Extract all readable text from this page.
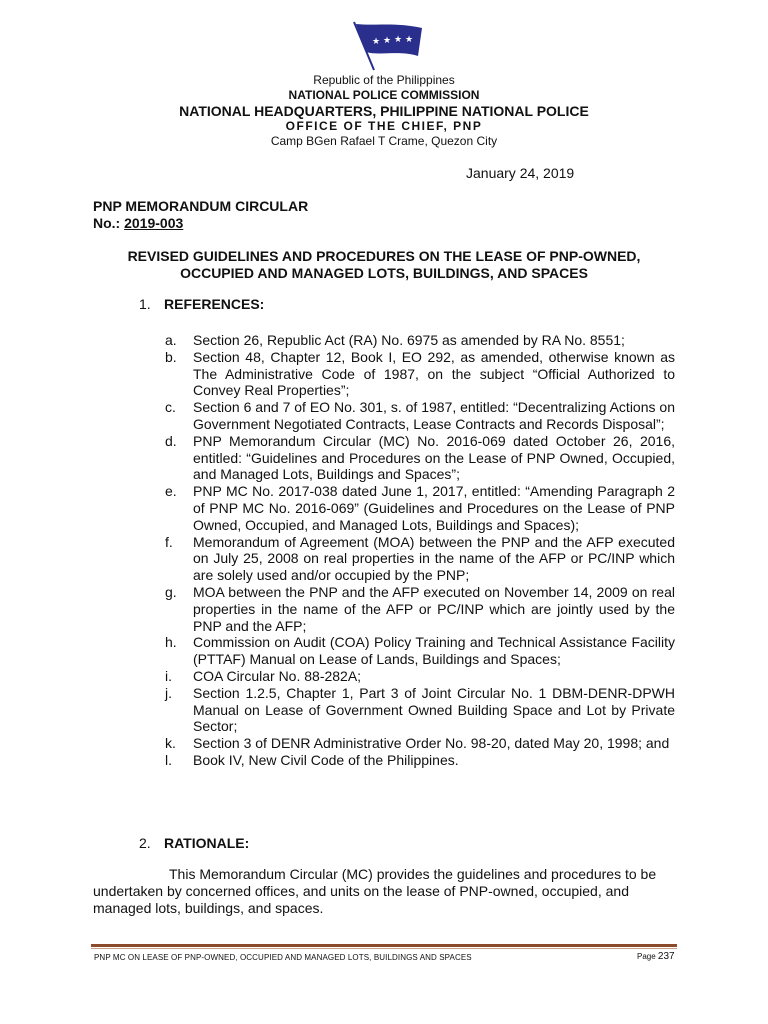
★ ★ ★ ★
Republic of the Philippines
NATIONAL POLICE COMMISSION
NATIONAL HEADQUARTERS, PHILIPPINE NATIONAL POLICE
OFFICE OF THE CHIEF, PNP
Camp BGen Rafael T Crame, Quezon City
January 24, 2019
PNP MEMORANDUM CIRCULAR
No.: 2019-003
REVISED GUIDELINES AND PROCEDURES ON THE LEASE OF PNP-OWNED,
OCCUPIED AND MANAGED LOTS, BUILDINGS, AND SPACES
1. REFERENCES:
a. Section 26, Republic Act (RA) No. 6975 as amended by RA No. 8551;
b. Section 48, Chapter 12, Book I, EO 292, as amended, otherwise known as The Administrative Code of 1987, on the subject “Official Authorized to Convey Real Properties”;
c. Section 6 and 7 of EO No. 301, s. of 1987, entitled: “Decentralizing Actions on Government Negotiated Contracts, Lease Contracts and Records Disposal”;
d. PNP Memorandum Circular (MC) No. 2016-069 dated October 26, 2016, entitled: “Guidelines and Procedures on the Lease of PNP Owned, Occupied, and Managed Lots, Buildings and Spaces”;
e. PNP MC No. 2017-038 dated June 1, 2017, entitled: “Amending Paragraph 2 of PNP MC No. 2016-069” (Guidelines and Procedures on the Lease of PNP Owned, Occupied, and Managed Lots, Buildings and Spaces);
f. Memorandum of Agreement (MOA) between the PNP and the AFP executed on July 25, 2008 on real properties in the name of the AFP or PC/INP which are solely used and/or occupied by the PNP;
g. MOA between the PNP and the AFP executed on November 14, 2009 on real properties in the name of the AFP or PC/INP which are jointly used by the PNP and the AFP;
h. Commission on Audit (COA) Policy Training and Technical Assistance Facility (PTTAF) Manual on Lease of Lands, Buildings and Spaces;
i. COA Circular No. 88-282A;
j. Section 1.2.5, Chapter 1, Part 3 of Joint Circular No. 1 DBM-DENR-DPWH Manual on Lease of Government Owned Building Space and Lot by Private Sector;
k. Section 3 of DENR Administrative Order No. 98-20, dated May 20, 1998; and
l. Book IV, New Civil Code of the Philippines.
2. RATIONALE:

This Memorandum Circular (MC) provides the guidelines and procedures to be undertaken by concerned offices, and units on the lease of PNP-owned, occupied, and managed lots, buildings, and spaces.

PNP MC ON LEASE OF PNP-OWNED, OCCUPIED AND MANAGED LOTS, BUILDINGS AND SPACES	Page 237
